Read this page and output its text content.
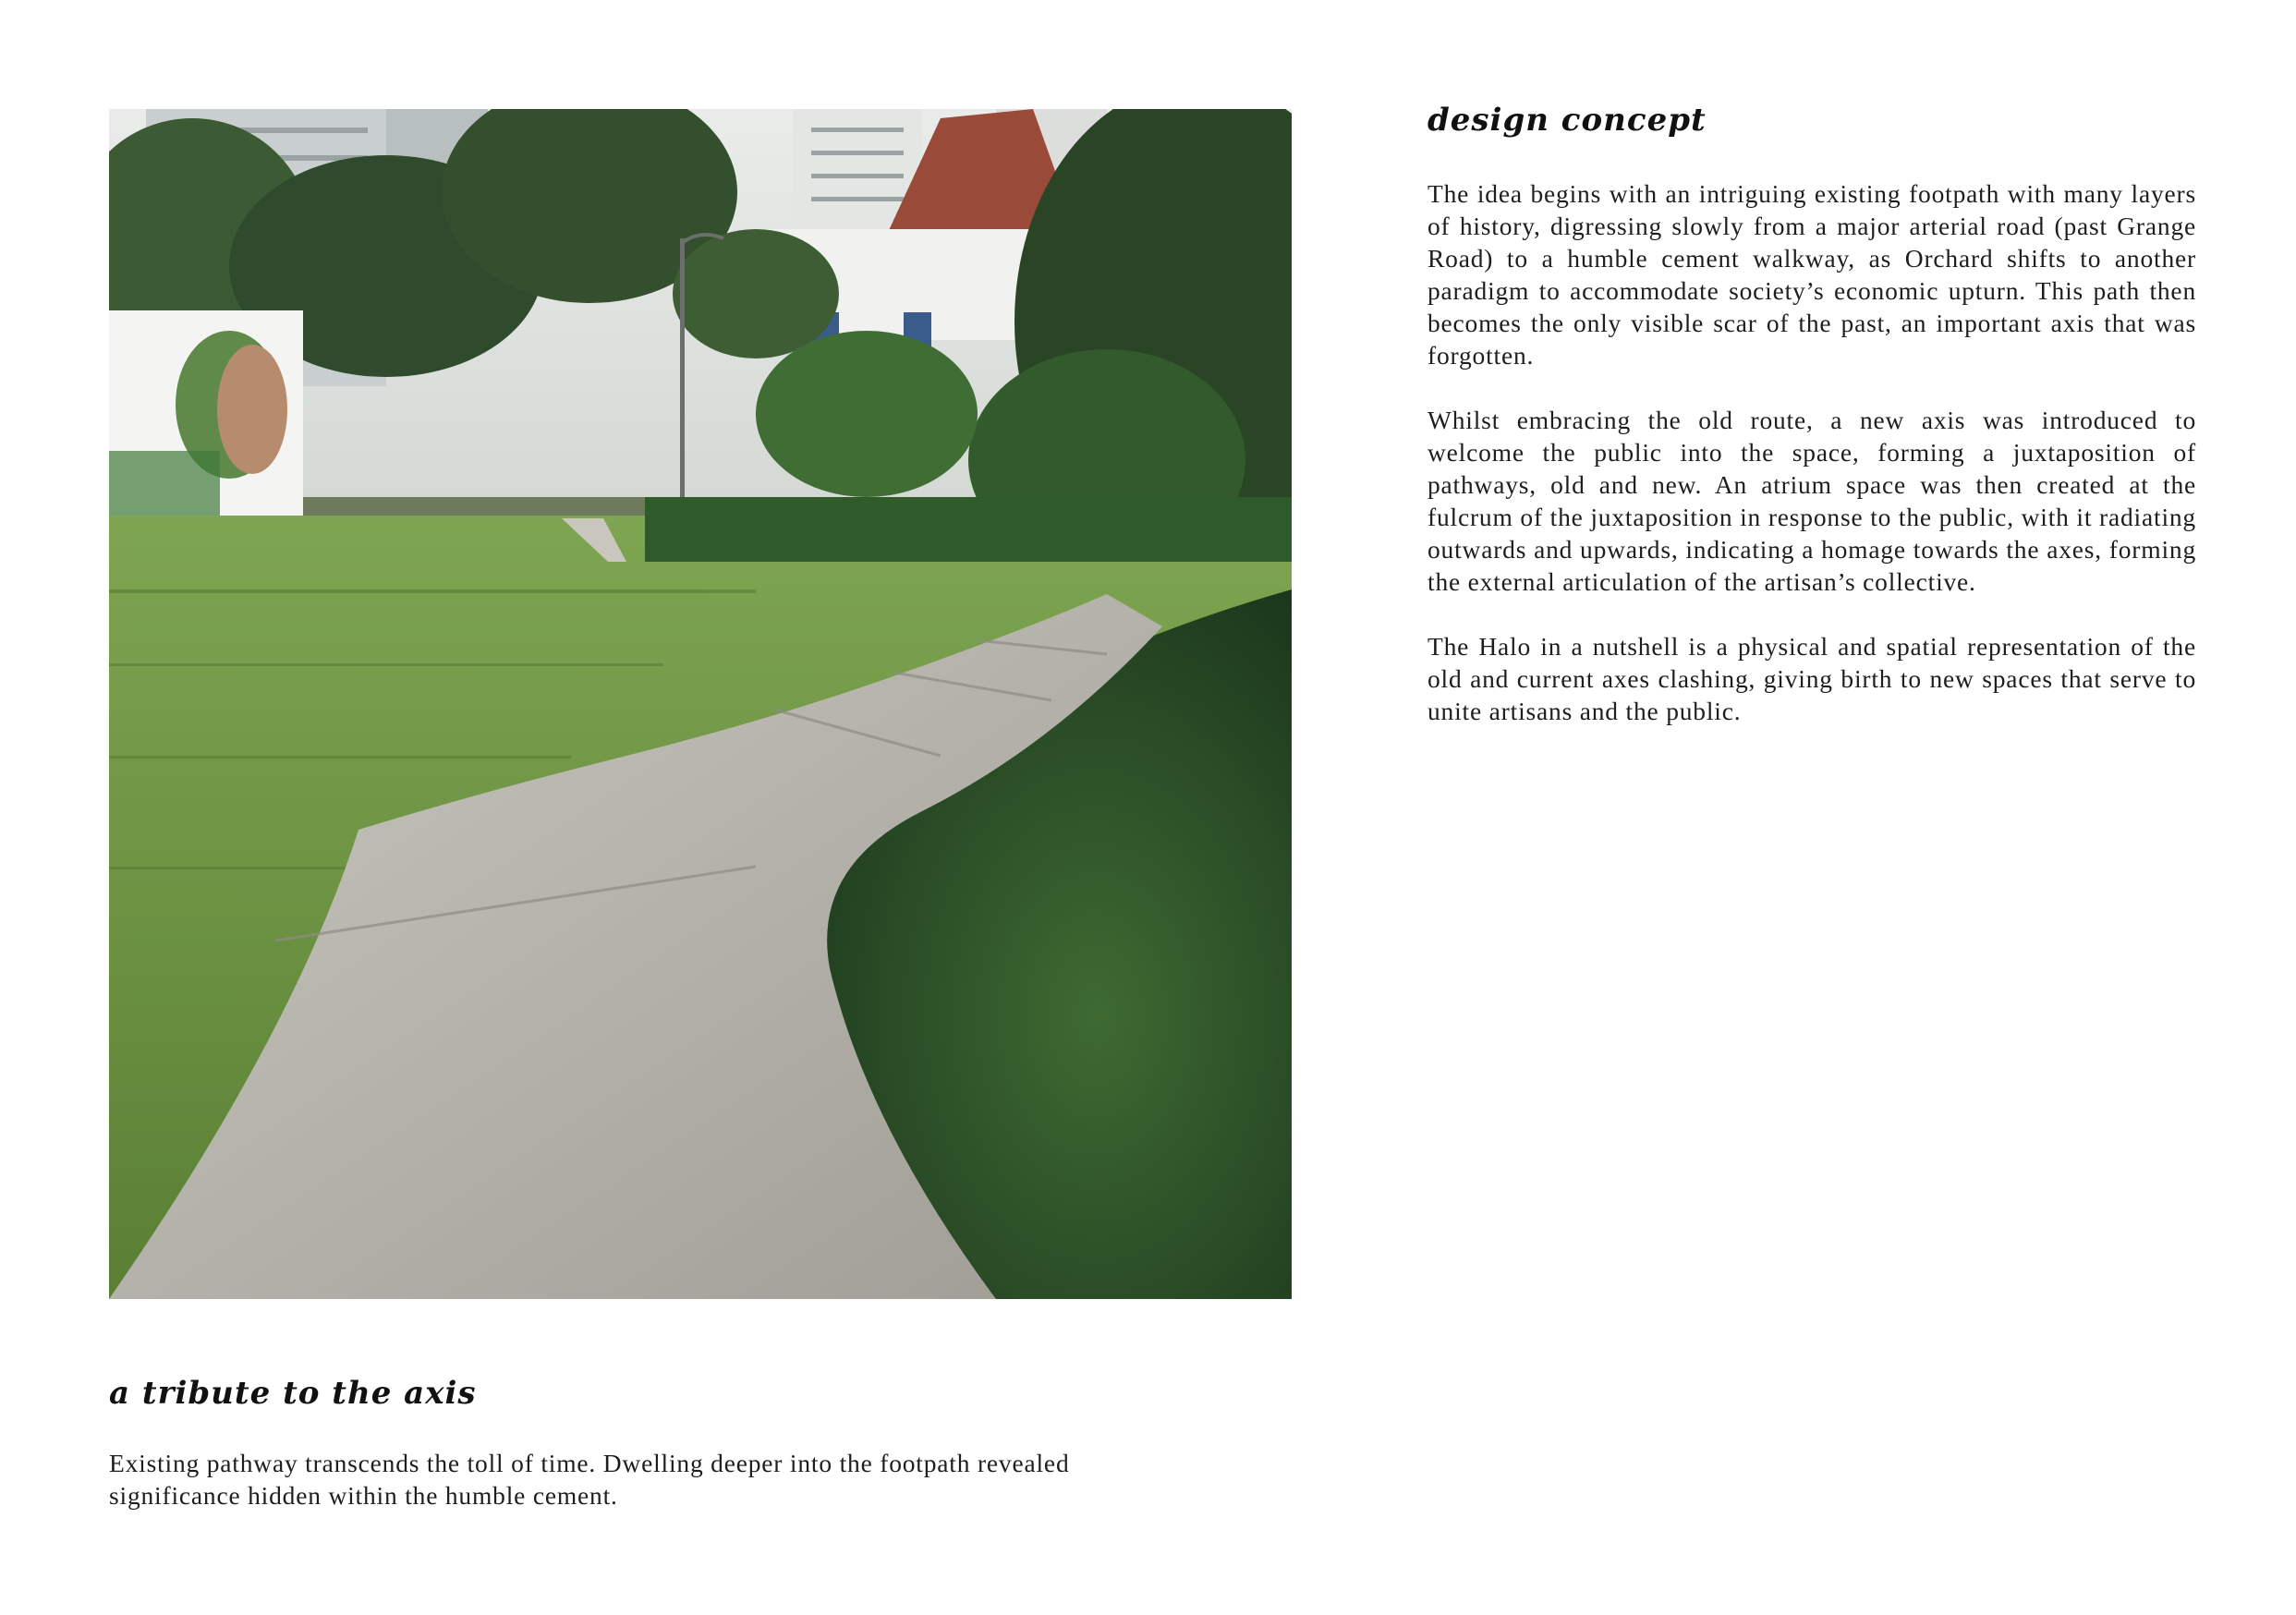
design concept

The idea begins with an intriguing existing footpath with many layers of history, digressing slowly from a major arterial road (past Grange Road) to a humble cement walkway, as Orchard shifts to another paradigm to accommodate society’s economic upturn. This path then becomes the only visible scar of the past, an important axis that was forgotten.

Whilst embracing the old route, a new axis was introduced to welcome the public into the space, forming a juxtaposition of pathways, old and new. An atrium space was then created at the fulcrum of the juxtaposition in response to the public, with it radiating outwards and upwards, indicating a homage towards the axes, forming the external articulation of the artisan’s collective.

The Halo in a nutshell is a physical and spatial representation of the old and current axes clashing, giving birth to new spaces that serve to unite artisans and the public.

a tribute to the axis

Existing pathway transcends the toll of time. Dwelling deeper into the footpath revealed
significance hidden within the humble cement.
